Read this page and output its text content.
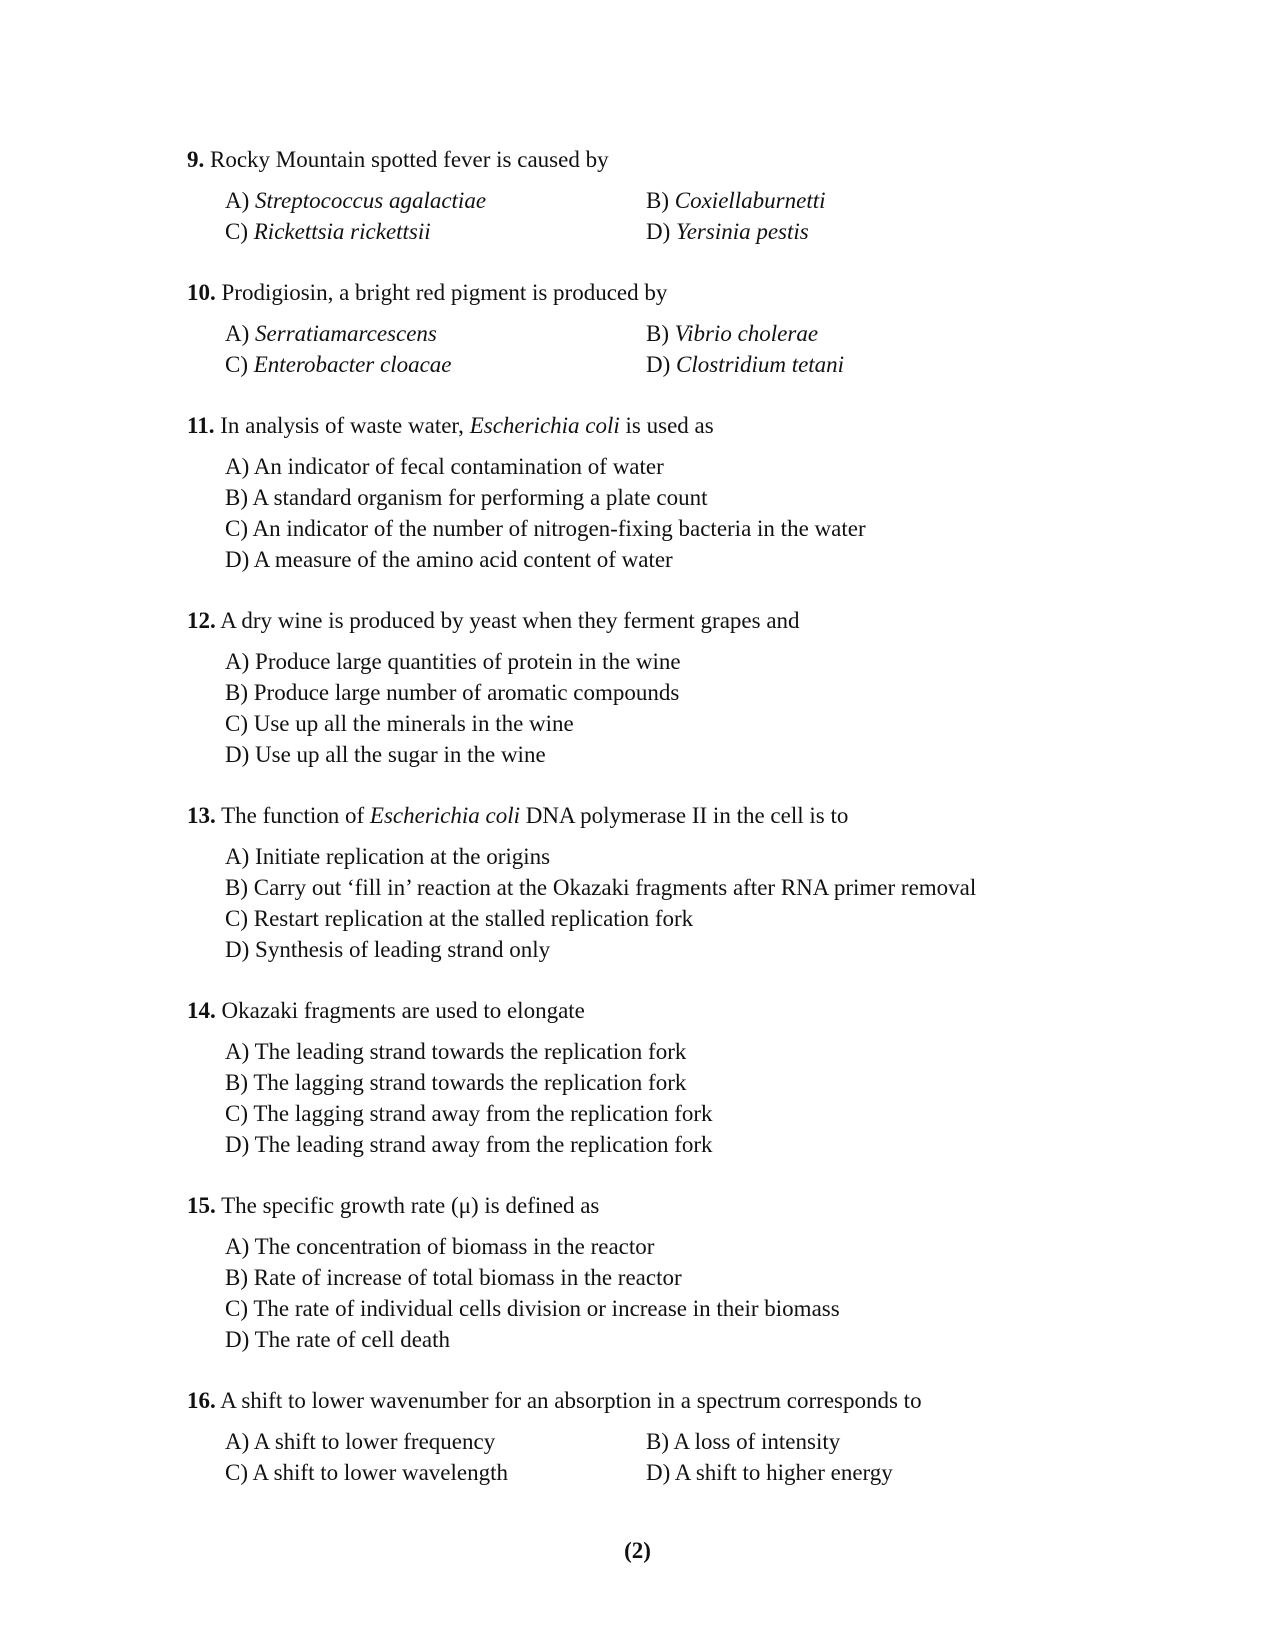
9. Rocky Mountain spotted fever is caused by
A) Streptococcus agalactiae	B) Coxiellaburnetti
C) Rickettsia rickettsii	D) Yersinia pestis
10. Prodigiosin, a bright red pigment is produced by
A) Serratiamarcescens	B) Vibrio cholerae
C) Enterobacter cloacae	D) Clostridium tetani
11. In analysis of waste water, Escherichia coli is used as
A) An indicator of fecal contamination of water
B) A standard organism for performing a plate count
C) An indicator of the number of nitrogen-fixing bacteria in the water
D) A measure of the amino acid content of water
12. A dry wine is produced by yeast when they ferment grapes and
A) Produce large quantities of protein in the wine
B) Produce large number of aromatic compounds
C) Use up all the minerals in the wine
D) Use up all the sugar in the wine
13. The function of Escherichia coli DNA polymerase II in the cell is to
A) Initiate replication at the origins
B) Carry out ‘fill in’ reaction at the Okazaki fragments after RNA primer removal
C) Restart replication at the stalled replication fork
D) Synthesis of leading strand only
14. Okazaki fragments are used to elongate
A) The leading strand towards the replication fork
B) The lagging strand towards the replication fork
C) The lagging strand away from the replication fork
D) The leading strand away from the replication fork
15. The specific growth rate (μ) is defined as
A) The concentration of biomass in the reactor
B) Rate of increase of total biomass in the reactor
C) The rate of individual cells division or increase in their biomass
D) The rate of cell death
16. A shift to lower wavenumber for an absorption in a spectrum corresponds to
A) A shift to lower frequency	B) A loss of intensity
C) A shift to lower wavelength	D) A shift to higher energy
(2)
